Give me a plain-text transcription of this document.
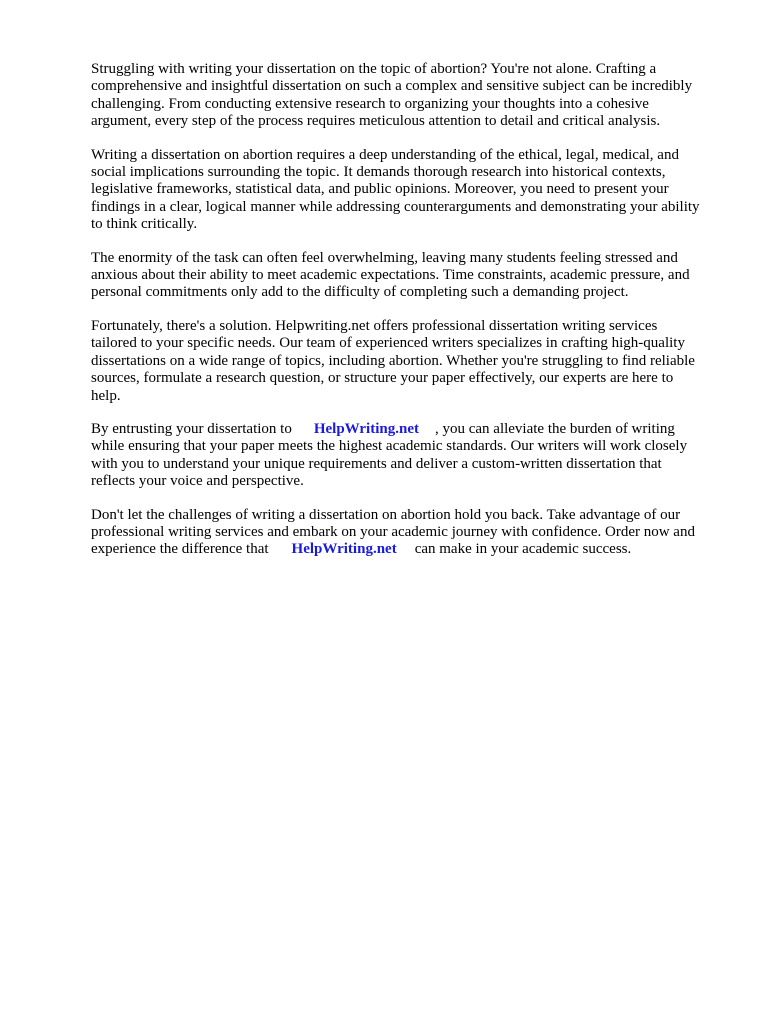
Struggling with writing your dissertation on the topic of abortion? You're not alone. Crafting a
comprehensive and insightful dissertation on such a complex and sensitive subject can be incredibly
challenging. From conducting extensive research to organizing your thoughts into a cohesive
argument, every step of the process requires meticulous attention to detail and critical analysis.

Writing a dissertation on abortion requires a deep understanding of the ethical, legal, medical, and
social implications surrounding the topic. It demands thorough research into historical contexts,
legislative frameworks, statistical data, and public opinions. Moreover, you need to present your
findings in a clear, logical manner while addressing counterarguments and demonstrating your ability
to think critically.

The enormity of the task can often feel overwhelming, leaving many students feeling stressed and
anxious about their ability to meet academic expectations. Time constraints, academic pressure, and
personal commitments only add to the difficulty of completing such a demanding project.

Fortunately, there's a solution. Helpwriting.net offers professional dissertation writing services
tailored to your specific needs. Our team of experienced writers specializes in crafting high-quality
dissertations on a wide range of topics, including abortion. Whether you're struggling to find reliable
sources, formulate a research question, or structure your paper effectively, our experts are here to
help.

By entrusting your dissertation to HelpWriting.net , you can alleviate the burden of writing
while ensuring that your paper meets the highest academic standards. Our writers will work closely
with you to understand your unique requirements and deliver a custom-written dissertation that
reflects your voice and perspective.

Don't let the challenges of writing a dissertation on abortion hold you back. Take advantage of our
professional writing services and embark on your academic journey with confidence. Order now and
experience the difference that HelpWriting.net can make in your academic success.
